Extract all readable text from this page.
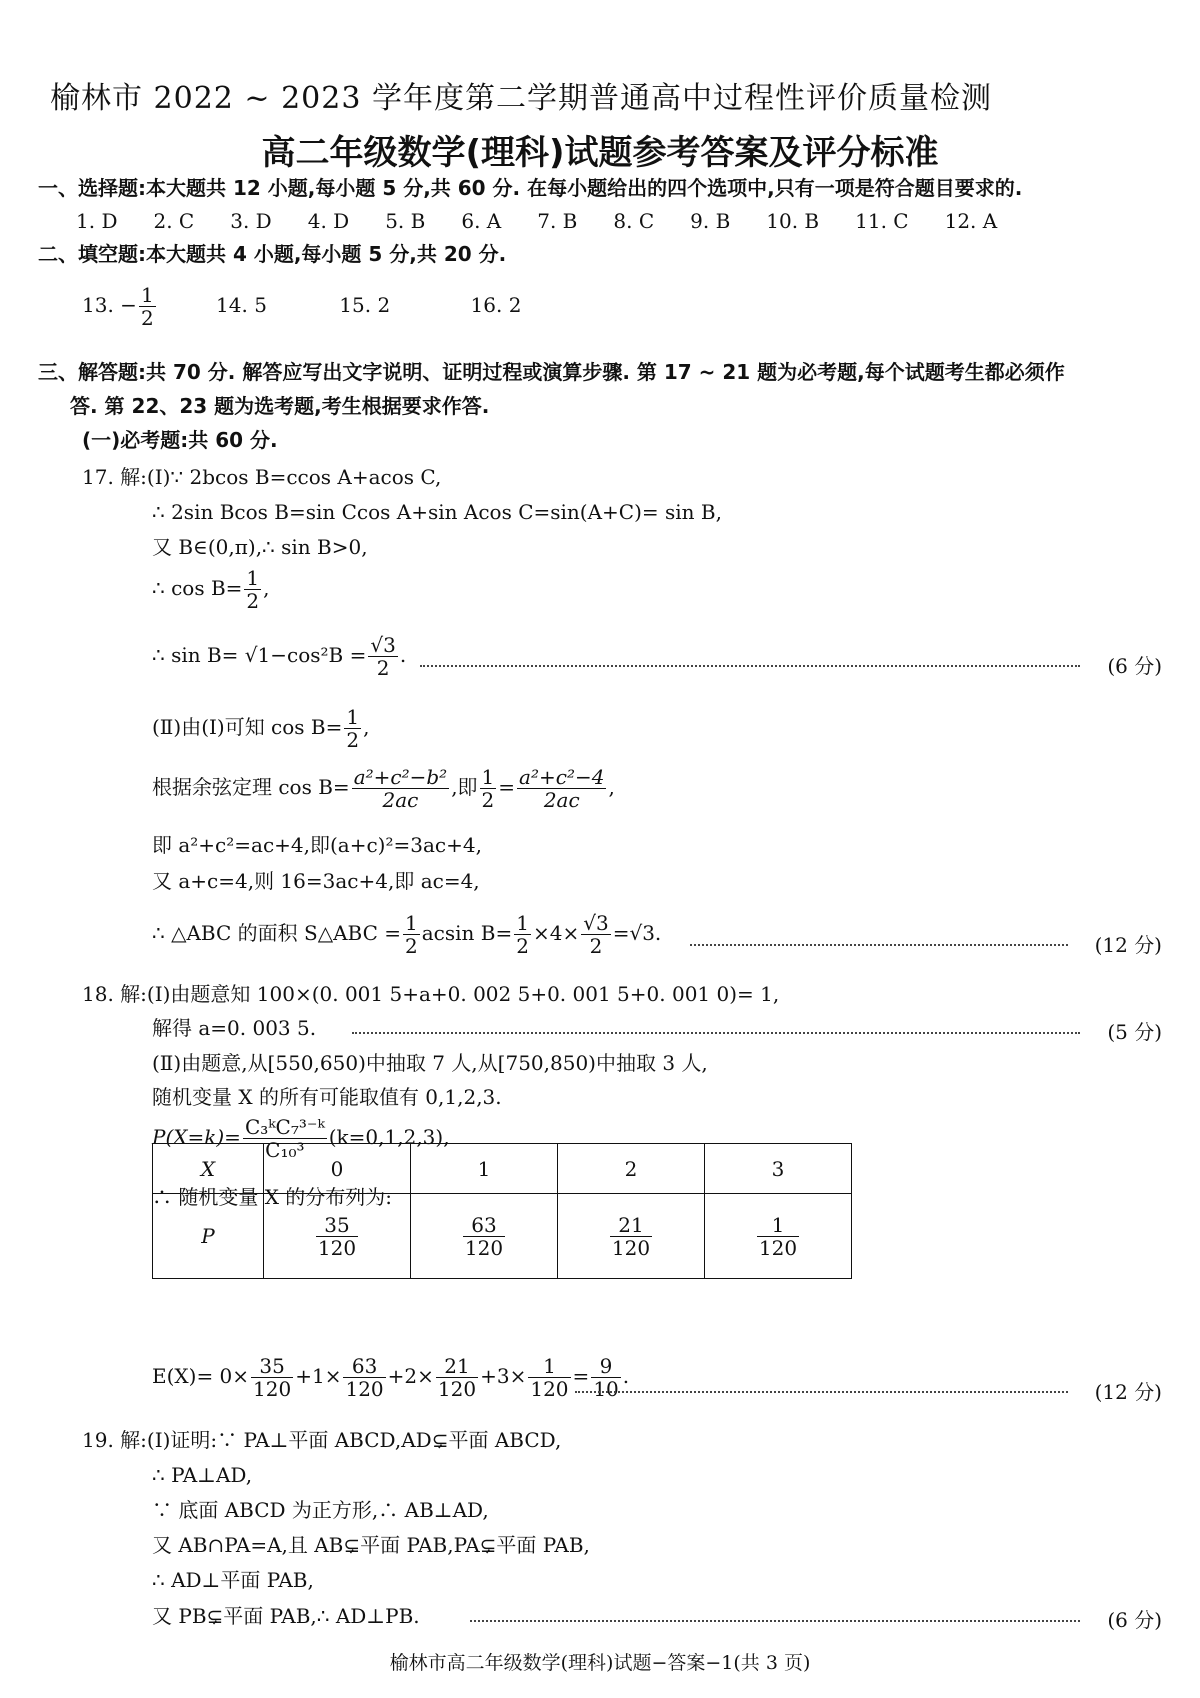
榆林市 2022 ~ 2023 学年度第二学期普通高中过程性评价质量检测
高二年级数学(理科)试题参考答案及评分标准
一、选择题:本大题共 12 小题,每小题 5 分,共 60 分. 在每小题给出的四个选项中,只有一项是符合题目要求的.
1. D 2. C 3. D 4. D 5. B 6. A 7. B 8. C 9. B 10. B 11. C 12. A
二、填空题:本大题共 4 小题,每小题 5 分,共 20 分.
13. − $\frac{1}{2}$	14. 5	15. 2	16. 2
三、解答题:共 70 分. 解答应写出文字说明、证明过程或演算步骤. 第 17 ~ 21 题为必考题,每个试题考生都必须作
答. 第 22、23 题为选考题,考生根据要求作答.
(一)必考题:共 60 分.
17. 解:(Ⅰ)∵ 2bcos B=ccos A+acos C,
∴ 2sin Bcos B=sin Ccos A+sin Acos C=sin(A+C)= sin B,
又 B∈(0,π),∴ sin B>0,
∴ $\cos B= \frac{1}{2}$ ,
∴ $\sin B= √1-\cos^2B = \frac{√3}{2}$ .	(6 分)
(Ⅱ)由(Ⅰ)可知 $\cos B= \frac{1}{2}$ ,
根据余弦定理 $\cos B= \frac{\text{a²+c²−b²}}{2ac}$ ,即 $\frac{1}{2} = \frac{\text{a²+c²−4}}{2ac}$ ,
即 a²+c²=ac+4,即(a+c)²=3ac+4,
又 a+c=4,则 16=3ac+4,即 ac=4,
∴ △ABC 的面积 S△ABC = $\frac{1}{2}$ acsin $B= \frac{1}{2} \times 4\times \frac{√3}{2} =√3$.	(12 分)
18. 解:(Ⅰ)由题意知 100×(0. 001 5+a+0. 002 5+0. 001 5+0. 001 0)= 1,
解得 a=0. 003 5.	(5 分)
(Ⅱ)由题意,从[550,650)中抽取 7 人,从[750,850)中抽取 3 人,
随机变量 X 的所有可能取值有 0,1,2,3.
$P(X=k)= \frac{\text{C₃ᵏC₇³⁻ᵏ}}{\text{C₁₀³}} (k=0,1,2,3)$,
∴ 随机变量 X 的分布列为:
X	0	1	2	3
P	$\frac{35}{120}$	$\frac{63}{120}$	$\frac{21}{120}$	$\frac{1}{120}$
$E(X)= 0\times \frac{35}{120} +1\times \frac{63}{120} +2\times \frac{21}{120} +3\times \frac{1}{120} = \frac{9}{10}$ .
(12 分)
19. 解:(Ⅰ)证明:∵ PA⊥平面 ABCD,AD⊊平面 ABCD,
∴ PA⊥AD,
∵ 底面 ABCD 为正方形,∴ AB⊥AD,
又 AB∩PA=A,且 AB⊊平面 PAB,PA⊊平面 PAB,
∴ AD⊥平面 PAB,
又 PB⊊平面 PAB,∴ AD⊥PB.	(6 分)
榆林市高二年级数学(理科)试题−答案−1(共 3 页)
